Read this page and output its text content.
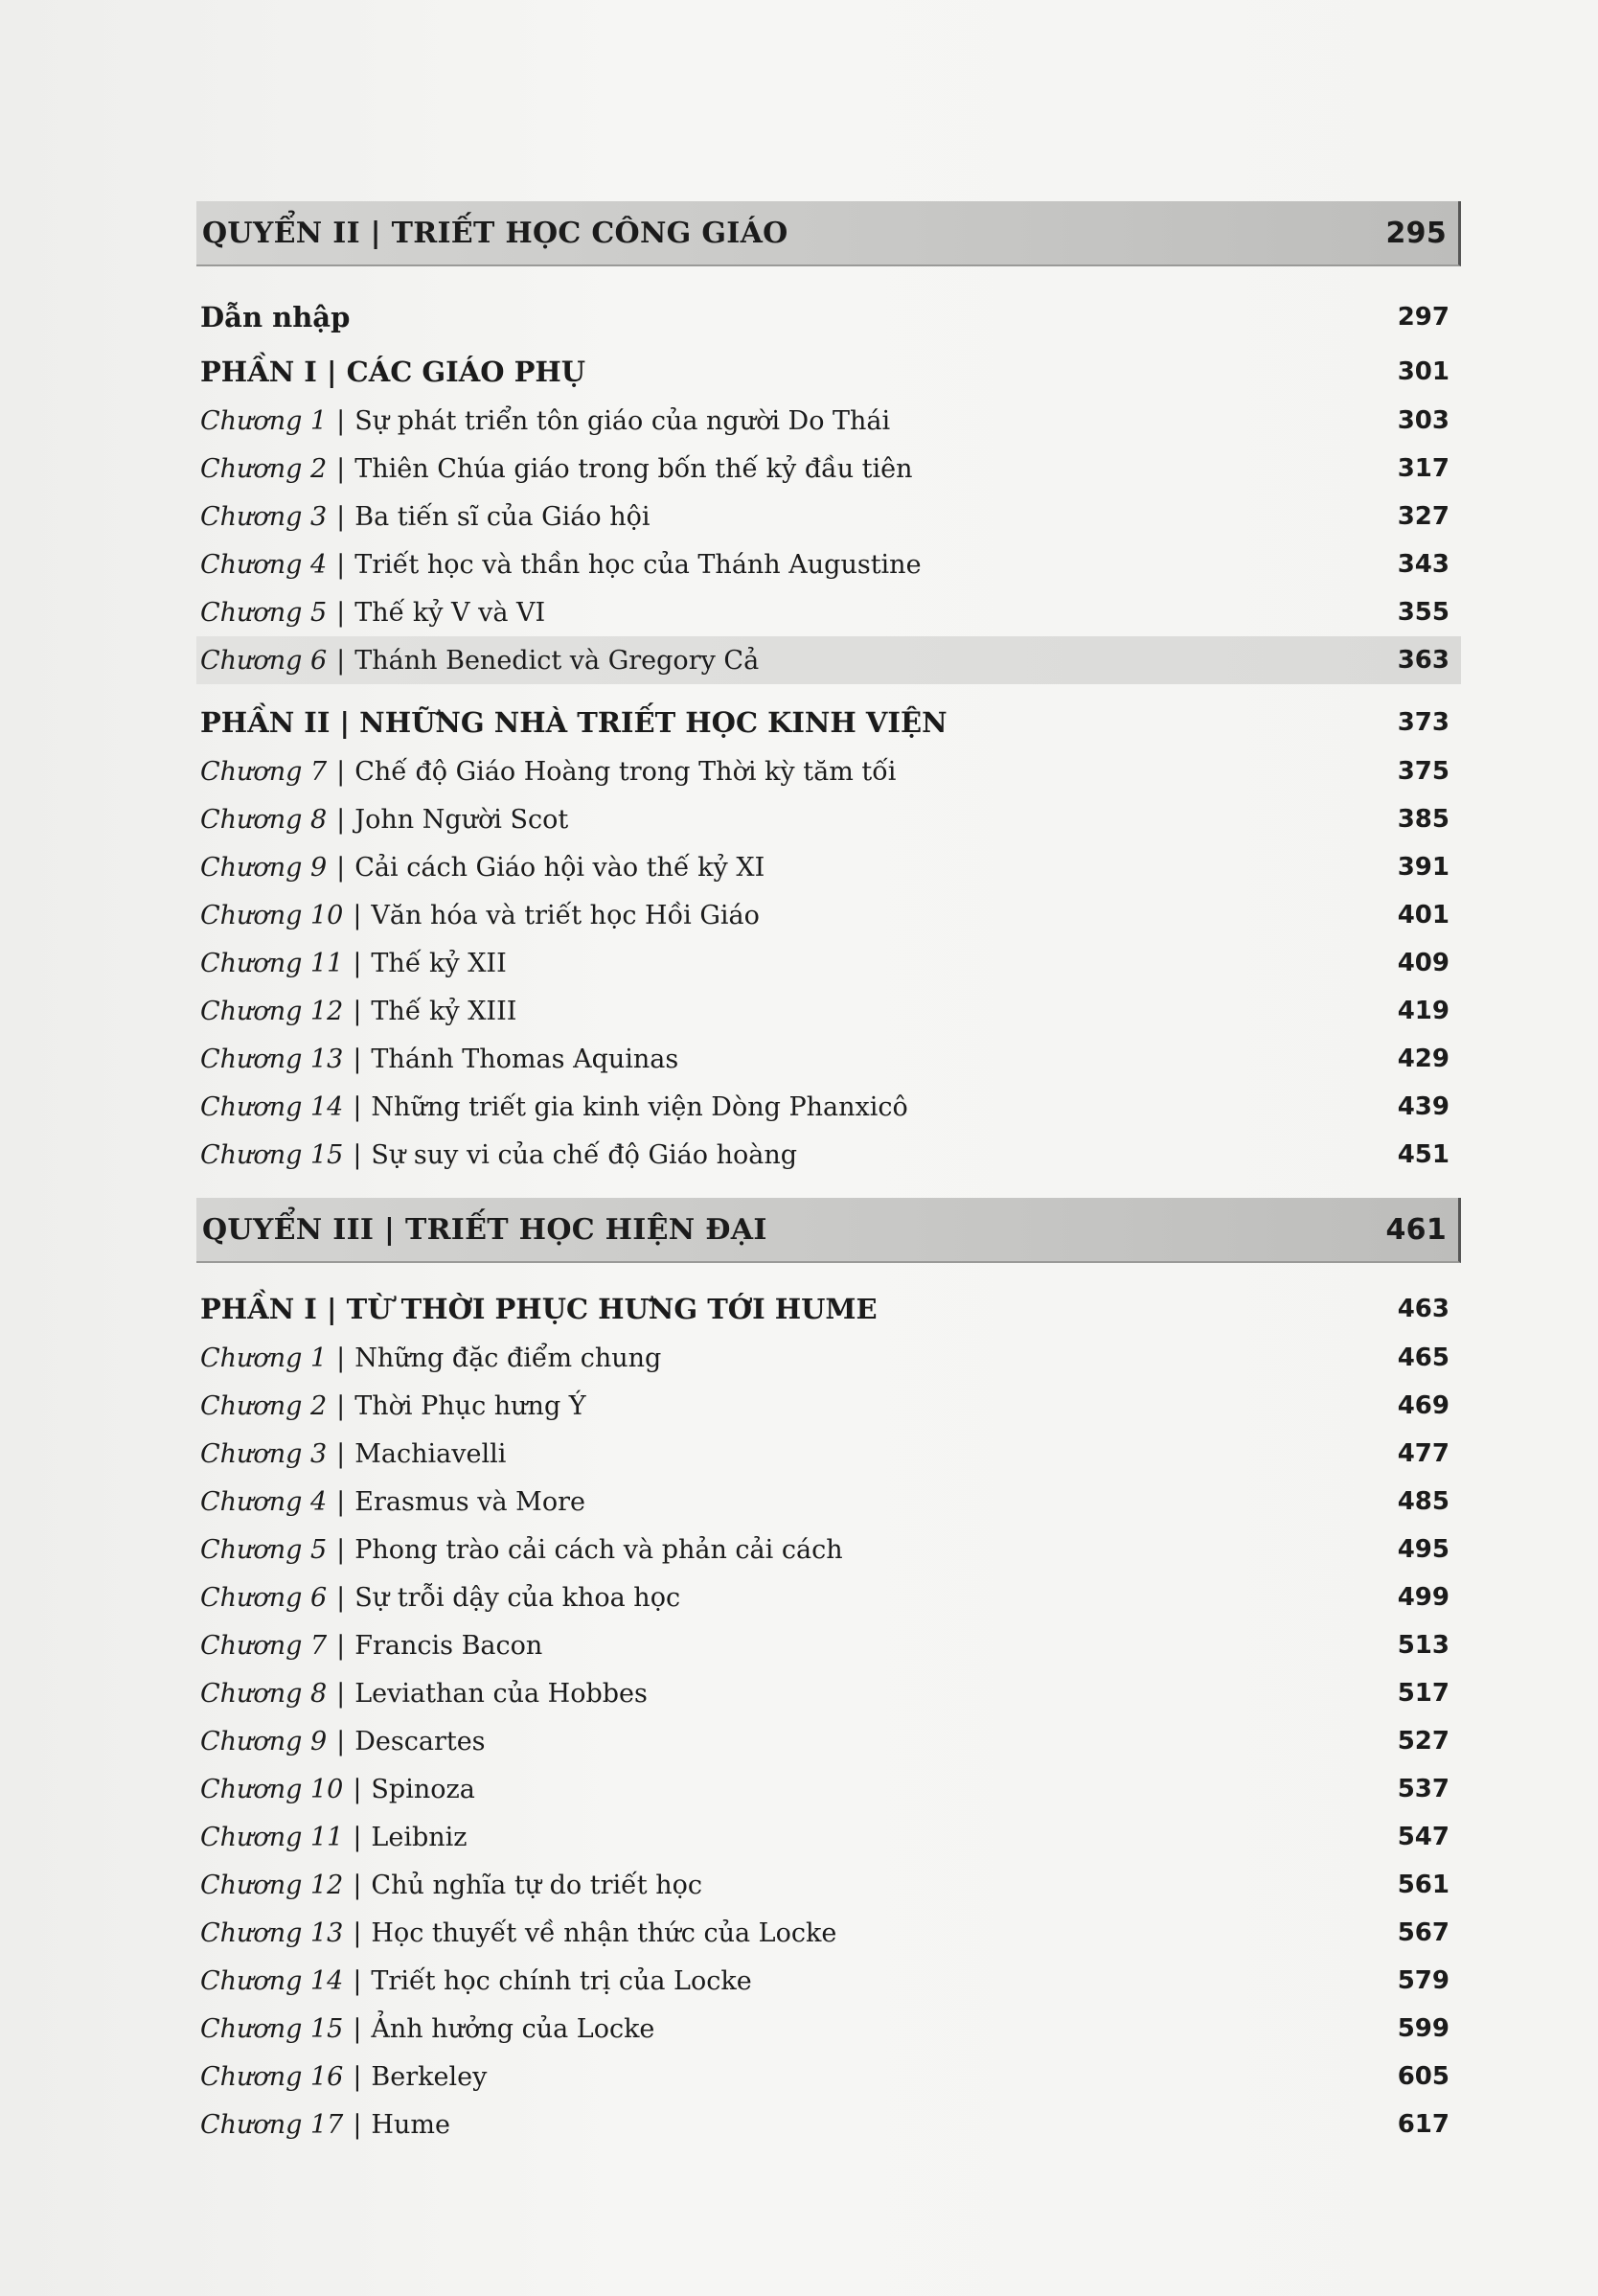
QUYỂN II | TRIẾT HỌC CÔNG GIÁO	295
Dẫn nhập	297
PHẦN I | CÁC GIÁO PHỤ	301
Chương 1 | Sự phát triển tôn giáo của người Do Thái	303
Chương 2 | Thiên Chúa giáo trong bốn thế kỷ đầu tiên	317
Chương 3 | Ba tiến sĩ của Giáo hội	327
Chương 4 | Triết học và thần học của Thánh Augustine	343
Chương 5 | Thế kỷ V và VI	355
Chương 6 | Thánh Benedict và Gregory Cả	363
PHẦN II | NHỮNG NHÀ TRIẾT HỌC KINH VIỆN	373
Chương 7 | Chế độ Giáo Hoàng trong Thời kỳ tăm tối	375
Chương 8 | John Người Scot	385
Chương 9 | Cải cách Giáo hội vào thế kỷ XI	391
Chương 10 | Văn hóa và triết học Hồi Giáo	401
Chương 11 | Thế kỷ XII	409
Chương 12 | Thế kỷ XIII	419
Chương 13 | Thánh Thomas Aquinas	429
Chương 14 | Những triết gia kinh viện Dòng Phanxicô	439
Chương 15 | Sự suy vi của chế độ Giáo hoàng	451
QUYỂN III | TRIẾT HỌC HIỆN ĐẠI	461
PHẦN I | TỪ THỜI PHỤC HƯNG TỚI HUME	463
Chương 1 | Những đặc điểm chung	465
Chương 2 | Thời Phục hưng Ý	469
Chương 3 | Machiavelli	477
Chương 4 | Erasmus và More	485
Chương 5 | Phong trào cải cách và phản cải cách	495
Chương 6 | Sự trỗi dậy của khoa học	499
Chương 7 | Francis Bacon	513
Chương 8 | Leviathan của Hobbes	517
Chương 9 | Descartes	527
Chương 10 | Spinoza	537
Chương 11 | Leibniz	547
Chương 12 | Chủ nghĩa tự do triết học	561
Chương 13 | Học thuyết về nhận thức của Locke	567
Chương 14 | Triết học chính trị của Locke	579
Chương 15 | Ảnh hưởng của Locke	599
Chương 16 | Berkeley	605
Chương 17 | Hume	617
